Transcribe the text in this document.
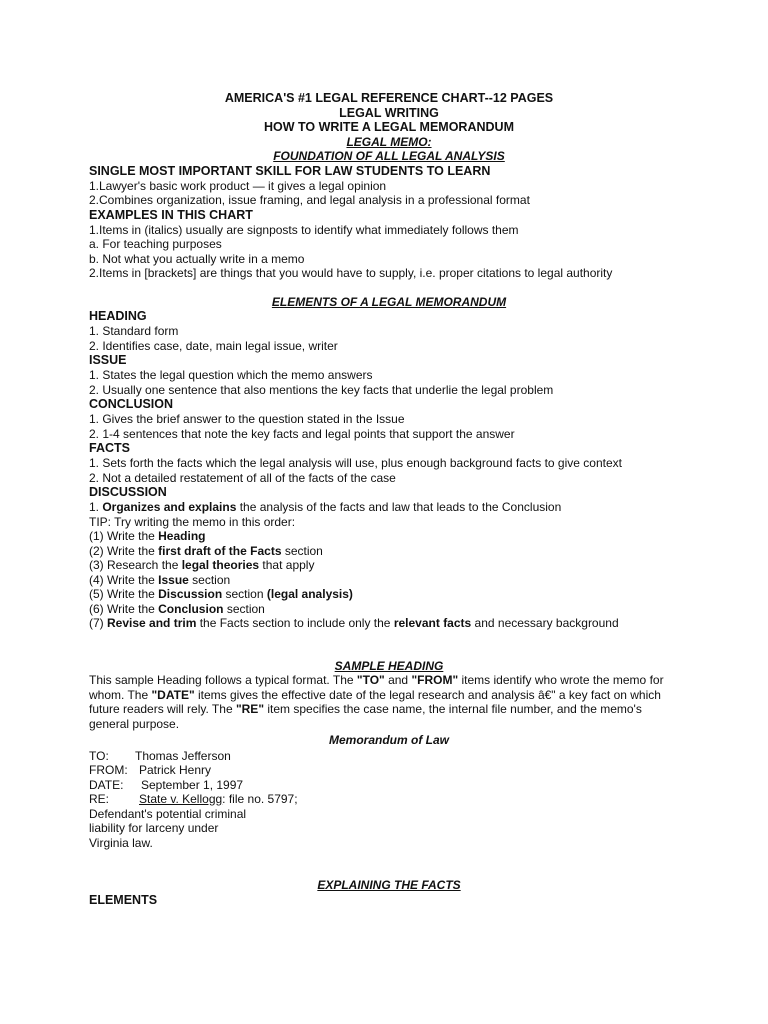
AMERICA'S #1 LEGAL REFERENCE CHART--12 PAGES
LEGAL WRITING
HOW TO WRITE A LEGAL MEMORANDUM
LEGAL MEMO:
FOUNDATION OF ALL LEGAL ANALYSIS
SINGLE MOST IMPORTANT SKILL FOR LAW STUDENTS TO LEARN
1.Lawyer's basic work product — it gives a legal opinion
2.Combines organization, issue framing, and legal analysis in a professional format
EXAMPLES IN THIS CHART
1.Items in (italics) usually are signposts to identify what immediately follows them
a. For teaching purposes
b. Not what you actually write in a memo
2.Items in [brackets] are things that you would have to supply, i.e. proper citations to legal authority
ELEMENTS OF A LEGAL MEMORANDUM
HEADING
1. Standard form
2. Identifies case, date, main legal issue, writer
ISSUE
1. States the legal question which the memo answers
2. Usually one sentence that also mentions the key facts that underlie the legal problem
CONCLUSION
1. Gives the brief answer to the question stated in the Issue
2. 1-4 sentences that note the key facts and legal points that support the answer
FACTS
1. Sets forth the facts which the legal analysis will use, plus enough background facts to give context
2. Not a detailed restatement of all of the facts of the case
DISCUSSION
1. Organizes and explains the analysis of the facts and law that leads to the Conclusion
TIP: Try writing the memo in this order:
(1) Write the Heading
(2) Write the first draft of the Facts section
(3) Research the legal theories that apply
(4) Write the Issue section
(5) Write the Discussion section (legal analysis)
(6) Write the Conclusion section
(7) Revise and trim the Facts section to include only the relevant facts and necessary background
SAMPLE HEADING
This sample Heading follows a typical format. The "TO" and "FROM" items identify who wrote the memo for whom. The "DATE" items gives the effective date of the legal research and analysis â€" a key fact on which future readers will rely. The "RE" item specifies the case name, the internal file number, and the memo's general purpose.
Memorandum of Law
TO: Thomas Jefferson
FROM: Patrick Henry
DATE: September 1, 1997
RE: State v. Kellogg: file no. 5797;
Defendant's potential criminal
liability for larceny under
Virginia law.
EXPLAINING THE FACTS
ELEMENTS
